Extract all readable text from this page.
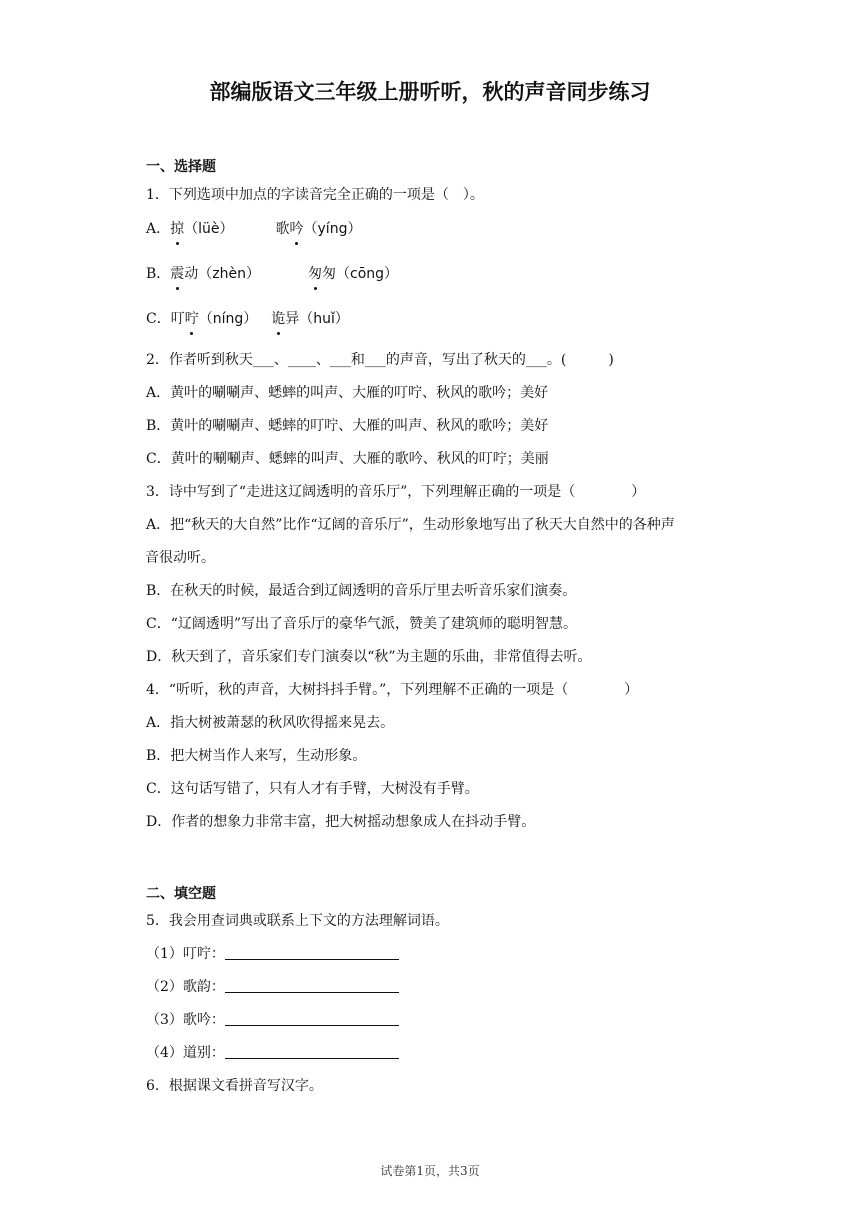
部编版语文三年级上册听听，秋的声音同步练习
一、选择题
1．下列选项中加点的字读音完全正确的一项是（　）。
A．掠（lüè）	歌吟（yíng）
B．震动（zhèn）	匆匆（cōng）
C．叮咛（níng） 诡异（huǐ）
2．作者听到秋天___、____、___和___的声音，写出了秋天的___。(　　　)
A．黄叶的唰唰声、蟋蟀的叫声、大雁的叮咛、秋风的歌吟；美好
B．黄叶的唰唰声、蟋蟀的叮咛、大雁的叫声、秋风的歌吟；美好
C．黄叶的唰唰声、蟋蟀的叫声、大雁的歌吟、秋风的叮咛；美丽
3．诗中写到了“走进这辽阔透明的音乐厅”，下列理解正确的一项是（　　　　）
A．把“秋天的大自然”比作“辽阔的音乐厅”，生动形象地写出了秋天大自然中的各种声
音很动听。
B．在秋天的时候，最适合到辽阔透明的音乐厅里去听音乐家们演奏。
C．“辽阔透明”写出了音乐厅的豪华气派，赞美了建筑师的聪明智慧。
D．秋天到了，音乐家们专门演奏以“秋”为主题的乐曲，非常值得去听。
4．“听听，秋的声音，大树抖抖手臂。”，下列理解不正确的一项是（　　　　）
A．指大树被萧瑟的秋风吹得摇来晃去。
B．把大树当作人来写，生动形象。
C．这句话写错了，只有人才有手臂，大树没有手臂。
D．作者的想象力非常丰富，把大树摇动想象成人在抖动手臂。
二、填空题
5．我会用查词典或联系上下文的方法理解词语。
（1）叮咛：
（2）歌韵：
（3）歌吟：
（4）道别：
6．根据课文看拼音写汉字。
试卷第1页，共3页
